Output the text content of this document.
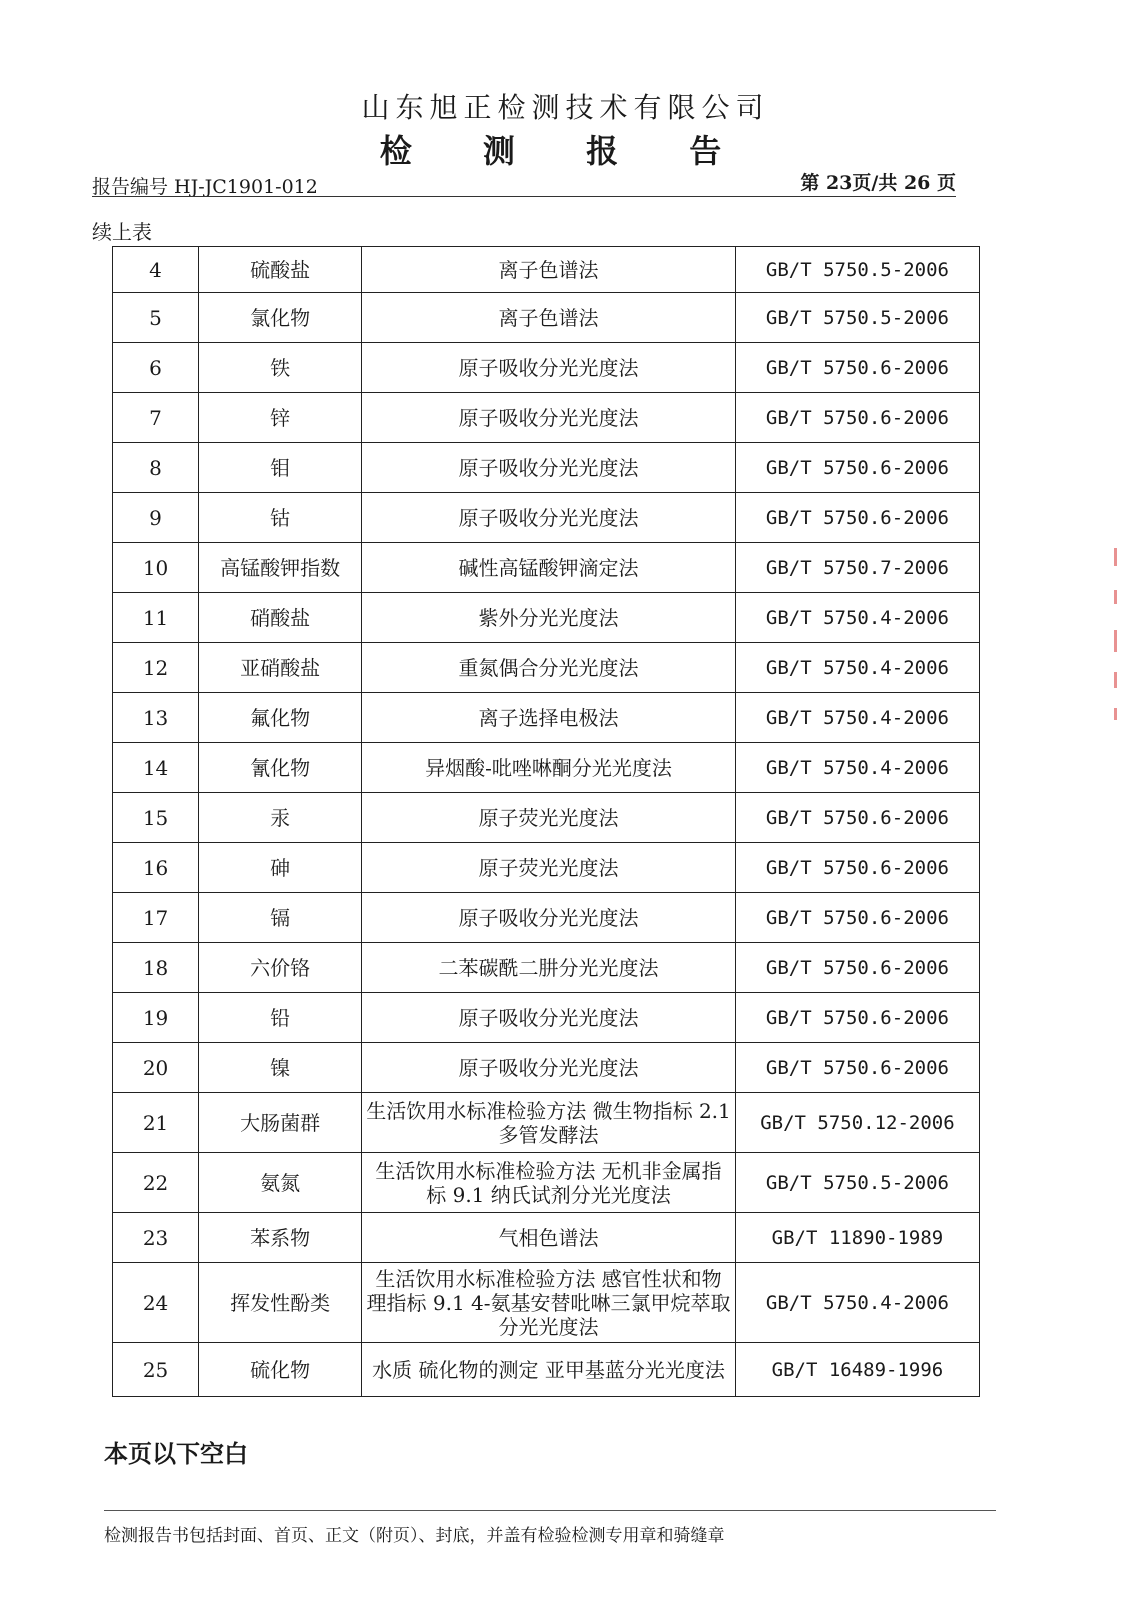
山东旭正检测技术有限公司
检 测 报 告
报告编号 HJ-JC1901-012	第 23页/共 26 页
续上表
4	硫酸盐	离子色谱法	GB/T 5750.5-2006
5	氯化物	离子色谱法	GB/T 5750.5-2006
6	铁	原子吸收分光光度法	GB/T 5750.6-2006
7	锌	原子吸收分光光度法	GB/T 5750.6-2006
8	钼	原子吸收分光光度法	GB/T 5750.6-2006
9	钴	原子吸收分光光度法	GB/T 5750.6-2006
10	高锰酸钾指数	碱性高锰酸钾滴定法	GB/T 5750.7-2006
11	硝酸盐	紫外分光光度法	GB/T 5750.4-2006
12	亚硝酸盐	重氮偶合分光光度法	GB/T 5750.4-2006
13	氟化物	离子选择电极法	GB/T 5750.4-2006
14	氰化物	异烟酸-吡唑啉酮分光光度法	GB/T 5750.4-2006
15	汞	原子荧光光度法	GB/T 5750.6-2006
16	砷	原子荧光光度法	GB/T 5750.6-2006
17	镉	原子吸收分光光度法	GB/T 5750.6-2006
18	六价铬	二苯碳酰二肼分光光度法	GB/T 5750.6-2006
19	铅	原子吸收分光光度法	GB/T 5750.6-2006
20	镍	原子吸收分光光度法	GB/T 5750.6-2006
21	大肠菌群	生活饮用水标准检验方法 微生物指标 2.1 多管发酵法	GB/T 5750.12-2006
22	氨氮	生活饮用水标准检验方法 无机非金属指标 9.1 纳氏试剂分光光度法	GB/T 5750.5-2006
23	苯系物	气相色谱法	GB/T 11890-1989
24	挥发性酚类	生活饮用水标准检验方法 感官性状和物理指标 9.1 4-氨基安替吡啉三氯甲烷萃取分光光度法	GB/T 5750.4-2006
25	硫化物	水质 硫化物的测定 亚甲基蓝分光光度法	GB/T 16489-1996
本页以下空白
检测报告书包括封面、首页、正文（附页）、封底，并盖有检验检测专用章和骑缝章
